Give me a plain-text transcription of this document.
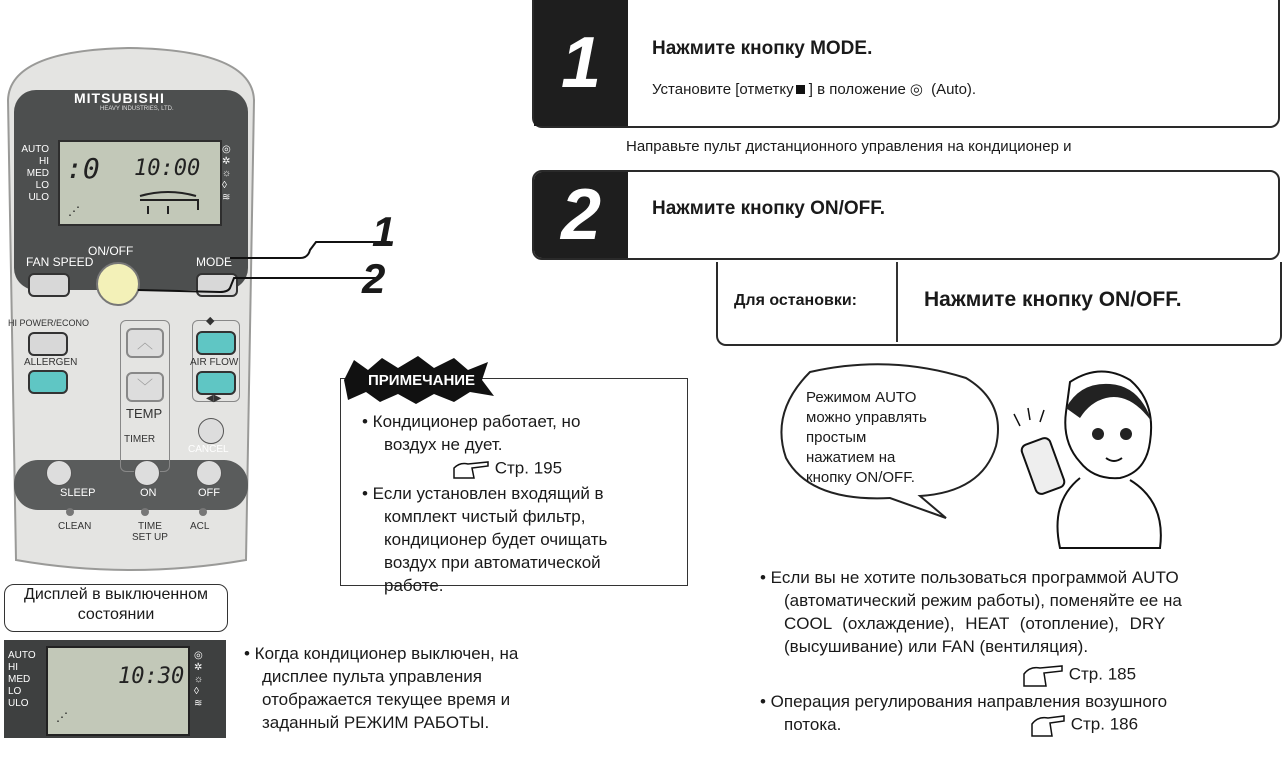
MITSUBISHI
HEAVY INDUSTRIES, LTD.
AUTO
HI
MED
LO
ULO
:0 10:00
⋰
◎
✲
☼
◊
≋
FAN SPEED
ON/OFF
MODE
HI POWER/ECONO
ALLERGEN
︿
﹀
TEMP
TIMER
◆
AIR FLOW
◀▶
CANCEL
SLEEP	ON	OFF
CLEAN	TIME
SET UP
ACL
1
2
Дисплей в выключенном
состоянии
AUTO
HI
MED
LO
ULO
10:30
⋰
◎
✲
☼
◊
≋
• Когда кондиционер выключен, на
дисплее пульта управления
отображается текущее время и
заданный РЕЖИМ РАБОТЫ.
1	Нажмите кнопку MODE.
Установите [отметку ] в положение ◎ (Auto).
Направьте пульт дистанционного управления на кондиционер и
2	Нажмите кнопку ON/OFF.
Для остановки:	Нажмите кнопку ON/OFF.
ПРИМЕЧАНИЕ
• Кондиционер работает, но
воздух не дует.
Стр. 195
• Если установлен входящий в
комплект чистый фильтр,
кондиционер будет очищать
воздух при автоматической
работе.
Режимом AUTO
можно управлять
простым
нажатием на
кнопку ON/OFF.
• Если вы не хотите пользоваться программой AUTO
(автоматический режим работы), поменяйте ее на
COOL (охлаждение), HEAT (отопление), DRY
(высушивание) или FAN (вентиляция).
Стр. 185
• Операция регулирования направления возушного
потока.	Стр. 186
